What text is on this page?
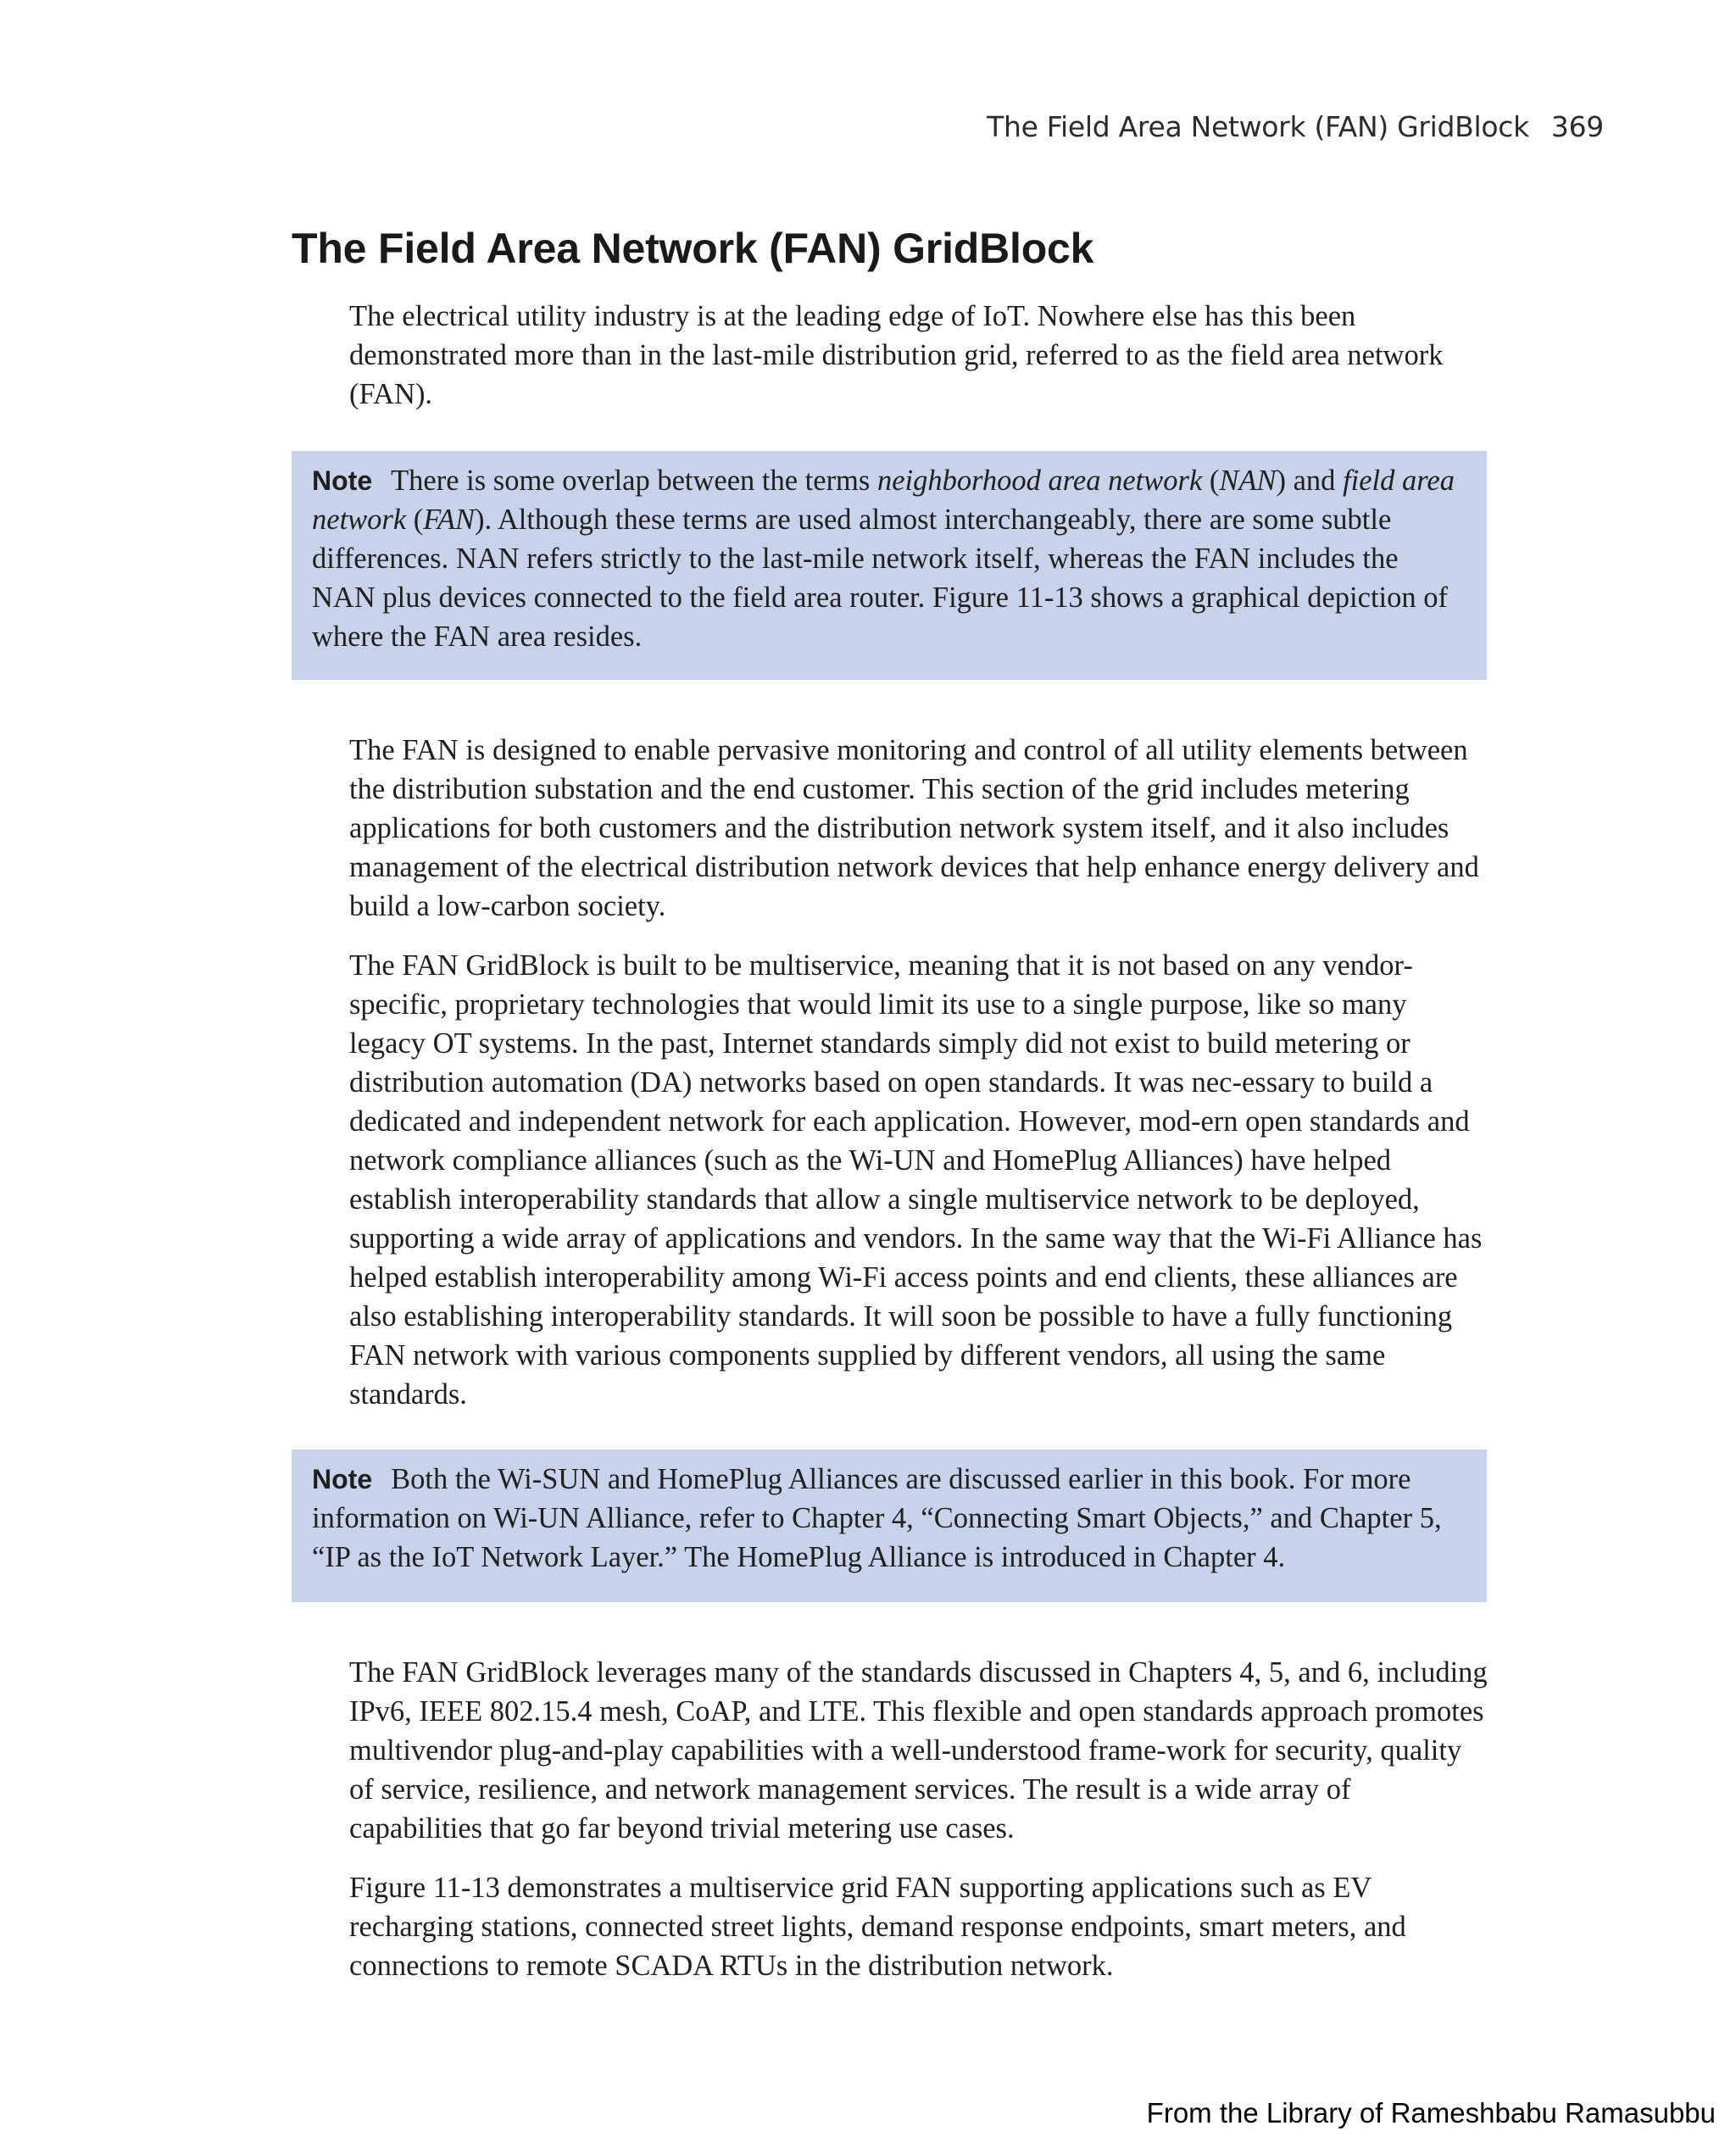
The Field Area Network (FAN) GridBlock 369
The Field Area Network (FAN) GridBlock

The electrical utility industry is at the leading edge of IoT. Nowhere else has this been demonstrated more than in the last-mile distribution grid, referred to as the field area network (FAN).

Note There is some overlap between the terms neighborhood area network (NAN) and field area network (FAN). Although these terms are used almost interchangeably, there are some subtle differences. NAN refers strictly to the last-mile network itself, whereas the FAN includes the NAN plus devices connected to the field area router. Figure 11-13 shows a graphical depiction of where the FAN area resides.

The FAN is designed to enable pervasive monitoring and control of all utility elements between the distribution substation and the end customer. This section of the grid includes metering applications for both customers and the distribution network system itself, and it also includes management of the electrical distribution network devices that help enhance energy delivery and build a low-carbon society.

The FAN GridBlock is built to be multiservice, meaning that it is not based on any vendor-specific, proprietary technologies that would limit its use to a single purpose, like so many legacy OT systems. In the past, Internet standards simply did not exist to build metering or distribution automation (DA) networks based on open standards. It was nec-essary to build a dedicated and independent network for each application. However, mod-ern open standards and network compliance alliances (such as the Wi-UN and HomePlug Alliances) have helped establish interoperability standards that allow a single multiservice network to be deployed, supporting a wide array of applications and vendors. In the same way that the Wi-Fi Alliance has helped establish interoperability among Wi-Fi access points and end clients, these alliances are also establishing interoperability standards. It will soon be possible to have a fully functioning FAN network with various components supplied by different vendors, all using the same standards.

Note Both the Wi-SUN and HomePlug Alliances are discussed earlier in this book. For more information on Wi-UN Alliance, refer to Chapter 4, “Connecting Smart Objects,” and Chapter 5, “IP as the IoT Network Layer.” The HomePlug Alliance is introduced in Chapter 4.

The FAN GridBlock leverages many of the standards discussed in Chapters 4, 5, and 6, including IPv6, IEEE 802.15.4 mesh, CoAP, and LTE. This flexible and open standards approach promotes multivendor plug-and-play capabilities with a well-understood frame-work for security, quality of service, resilience, and network management services. The result is a wide array of capabilities that go far beyond trivial metering use cases.

Figure 11-13 demonstrates a multiservice grid FAN supporting applications such as EV recharging stations, connected street lights, demand response endpoints, smart meters, and connections to remote SCADA RTUs in the distribution network.

From the Library of Rameshbabu Ramasubbu
